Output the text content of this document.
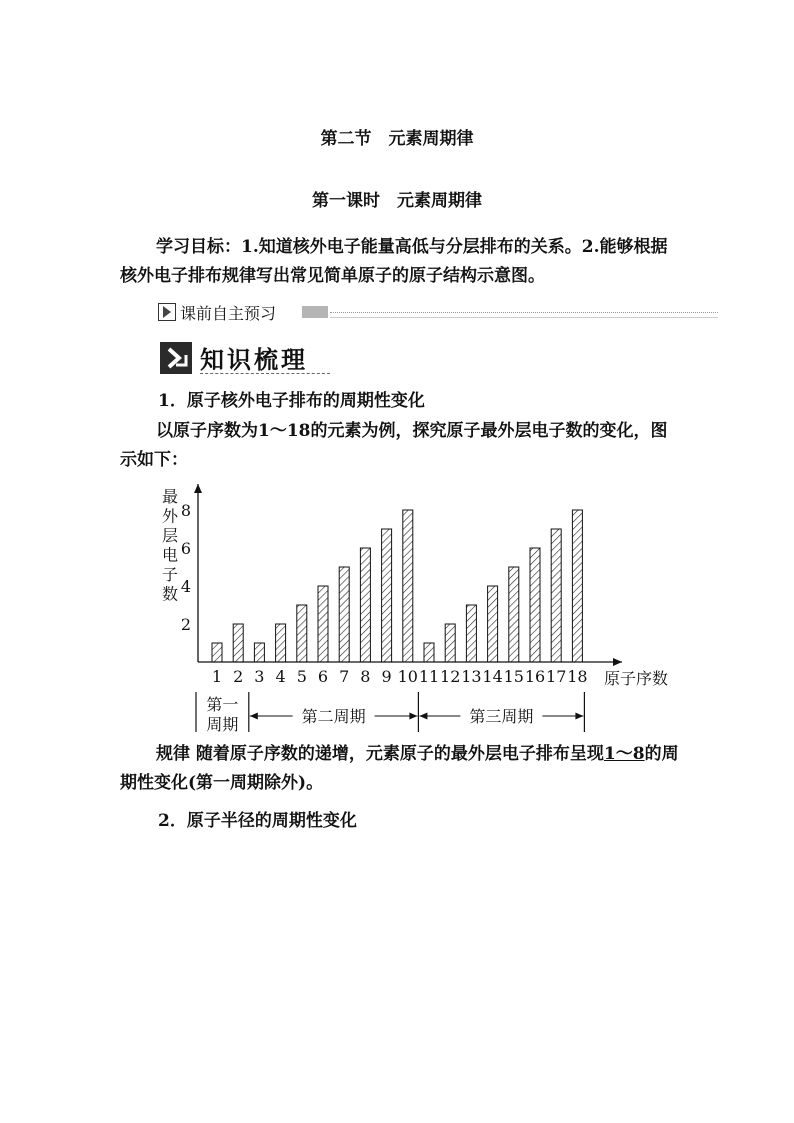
第二节　元素周期律
第一课时　元素周期律
学习目标：1.知道核外电子能量高低与分层排布的关系。2.能够根据核外电子排布规律写出常见简单原子的原子结构示意图。
课前自主预习
知识梳理
1．原子核外电子排布的周期性变化
以原子序数为1～18的元素为例，探究原子最外层电子数的变化，图示如下：
最外层电子数
2
4
6
8
1 2 3 4 5 6 7 8 9 10 11 12 13 14 15 16 17 18 原子序数
第一
周期	第二周期	第三周期
规律 随着原子序数的递增，元素原子的最外层电子排布呈现1～8的周期性变化(第一周期除外)。
2．原子半径的周期性变化
